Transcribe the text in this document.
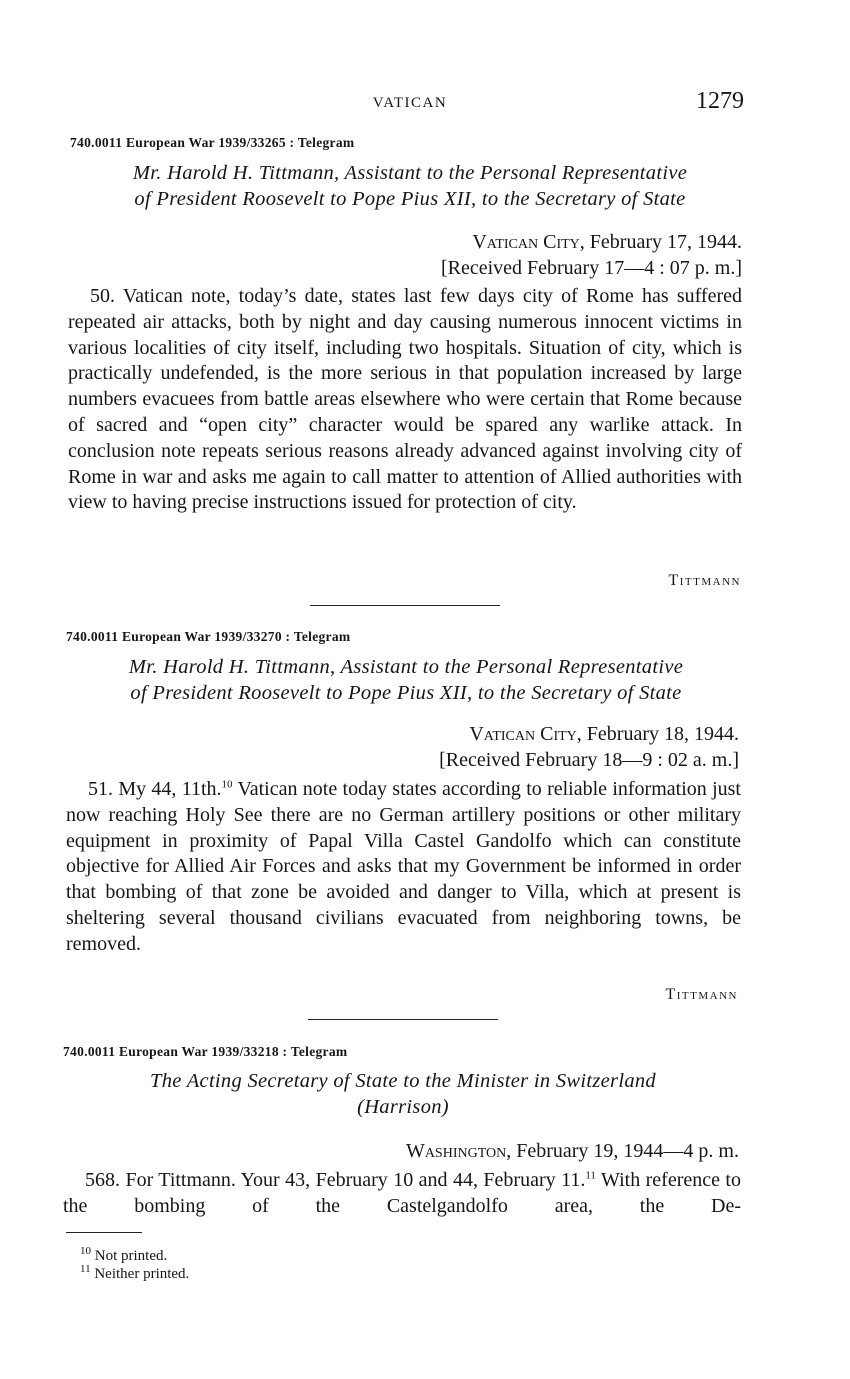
VATICAN	1279
740.0011 European War 1939/33265 : Telegram
Mr. Harold H. Tittmann, Assistant to the Personal Representative
of President Roosevelt to Pope Pius XII, to the Secretary of State
Vatican City, February 17, 1944.
[Received February 17—4 : 07 p. m.]

50. Vatican note, today’s date, states last few days city of Rome has suffered repeated air attacks, both by night and day causing numerous innocent victims in various localities of city itself, including two hospitals. Situation of city, which is practically undefended, is the more serious in that population increased by large numbers evacuees from battle areas elsewhere who were certain that Rome because of sacred and “open city” character would be spared any warlike attack. In conclusion note repeats serious reasons already advanced against involving city of Rome in war and asks me again to call matter to attention of Allied authorities with view to having precise instructions issued for protection of city.

Tittmann
740.0011 European War 1939/33270 : Telegram
Mr. Harold H. Tittmann, Assistant to the Personal Representative
of President Roosevelt to Pope Pius XII, to the Secretary of State
Vatican City, February 18, 1944.
[Received February 18—9 : 02 a. m.]

51. My 44, 11th.$^{10}$ Vatican note today states according to reliable information just now reaching Holy See there are no German artillery positions or other military equipment in proximity of Papal Villa Castel Gandolfo which can constitute objective for Allied Air Forces and asks that my Government be informed in order that bombing of that zone be avoided and danger to Villa, which at present is sheltering several thousand civilians evacuated from neighboring towns, be removed.

Tittmann
740.0011 European War 1939/33218 : Telegram
The Acting Secretary of State to the Minister in Switzerland
(Harrison)
Washington, February 19, 1944—4 p. m.

568. For Tittmann. Your 43, February 10 and 44, February 11.11 With reference to the bombing of the Castelgandolfo area, the De-

$^{10}$ Not printed.
$^{11}$ Neither printed.
